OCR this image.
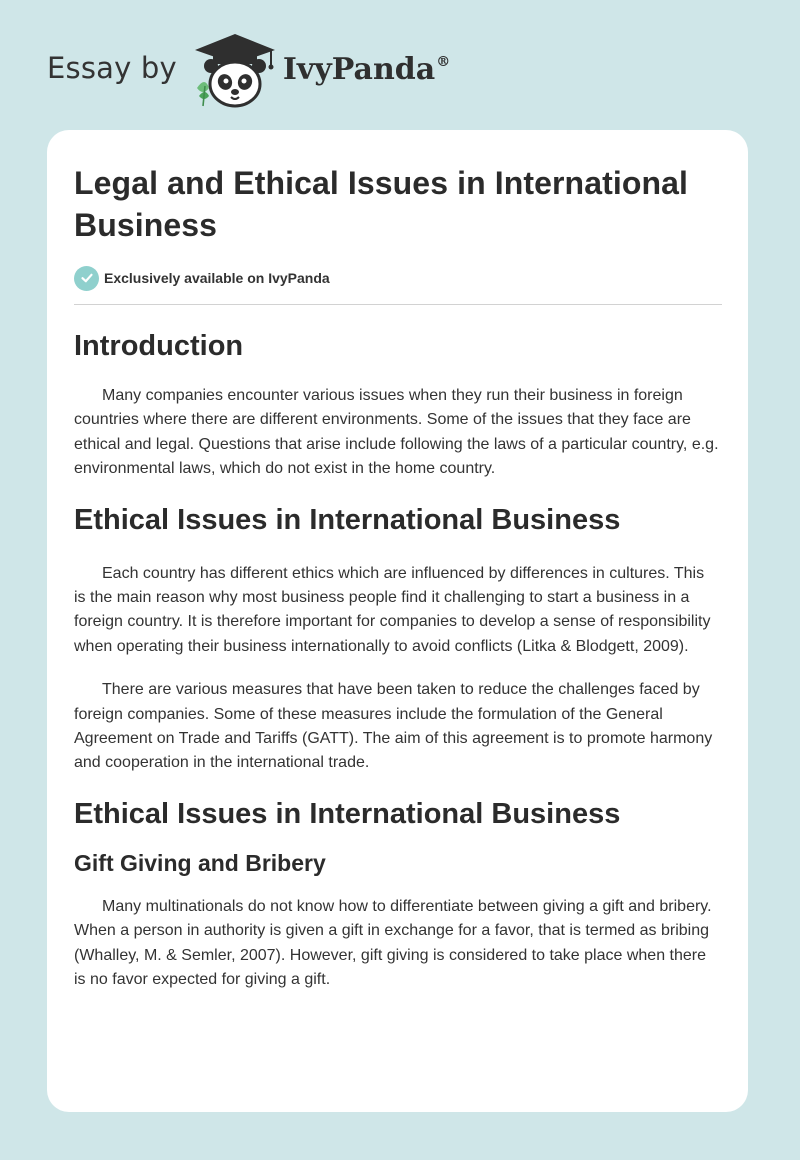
Essay by	IvyPanda®
Legal and Ethical Issues in International Business
Exclusively available on IvyPanda
Introduction

Many companies encounter various issues when they run their business in foreign countries where there are different environments. Some of the issues that they face are ethical and legal. Questions that arise include following the laws of a particular country, e.g. environmental laws, which do not exist in the home country.

Ethical Issues in International Business

Each country has different ethics which are influenced by differences in cultures. This is the main reason why most business people find it challenging to start a business in a foreign country. It is therefore important for companies to develop a sense of responsibility when operating their business internationally to avoid conflicts (Litka & Blodgett, 2009).

There are various measures that have been taken to reduce the challenges faced by foreign companies. Some of these measures include the formulation of the General Agreement on Trade and Tariffs (GATT). The aim of this agreement is to promote harmony and cooperation in the international trade.

Ethical Issues in International Business
Gift Giving and Bribery

Many multinationals do not know how to differentiate between giving a gift and bribery. When a person in authority is given a gift in exchange for a favor, that is termed as bribing (Whalley, M. & Semler, 2007). However, gift giving is considered to take place when there is no favor expected for giving a gift.
